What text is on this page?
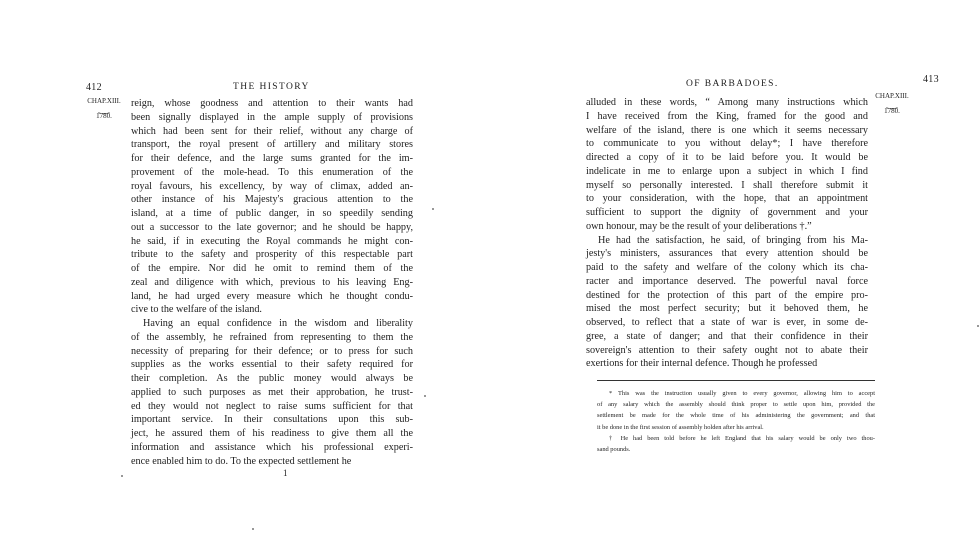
412	THE HISTORY
CHAP.XIII.
⏟
1780.
reign, whose goodness and attention to their wants had
been signally displayed in the ample supply of provisions
which had been sent for their relief, without any charge of
transport, the royal present of artillery and military stores
for their defence, and the large sums granted for the im-
provement of the mole-head. To this enumeration of the
royal favours, his excellency, by way of climax, added an-
other instance of his Majesty's gracious attention to the
island, at a time of public danger, in so speedily sending
out a successor to the late governor; and he should be happy,
he said, if in executing the Royal commands he might con-
tribute to the safety and prosperity of this respectable part
of the empire. Nor did he omit to remind them of the
zeal and diligence with which, previous to his leaving Eng-
land, he had urged every measure which he thought condu-
cive to the welfare of the island.
Having an equal confidence in the wisdom and liberality
of the assembly, he refrained from representing to them the
necessity of preparing for their defence; or to press for such
supplies as the works essential to their safety required for
their completion. As the public money would always be
applied to such purposes as met their approbation, he trust-
ed they would not neglect to raise sums sufficient for that
important service. In their consultations upon this sub-
ject, he assured them of his readiness to give them all the
information and assistance which his professional experi-
ence enabled him to do. To the expected settlement he
1
OF BARBADOES.	413
CHAP.XIII.
⏟
1780.
alluded in these words, “ Among many instructions which
I have received from the King, framed for the good and
welfare of the island, there is one which it seems necessary
to communicate to you without delay*; I have therefore
directed a copy of it to be laid before you. It would be
indelicate in me to enlarge upon a subject in which I find
myself so personally interested. I shall therefore submit it
to your consideration, with the hope, that an appointment
sufficient to support the dignity of government and your
own honour, may be the result of your deliberations †.”
He had the satisfaction, he said, of bringing from his Ma-
jesty's ministers, assurances that every attention should be
paid to the safety and welfare of the colony which its cha-
racter and importance deserved. The powerful naval force
destined for the protection of this part of the empire pro-
mised the most perfect security; but it behoved them, he
observed, to reflect that a state of war is ever, in some de-
gree, a state of danger; and that their confidence in their
sovereign's attention to their safety ought not to abate their
exertions for their internal defence. Though he professed
* This was the instruction usually given to every governor, allowing him to accept
of any salary which the assembly should think proper to settle upon him, provided the
settlement be made for the whole time of his administering the government; and that
it be done in the first session of assembly holden after his arrival.
† He had been told before he left England that his salary would be only two thou-
sand pounds.
